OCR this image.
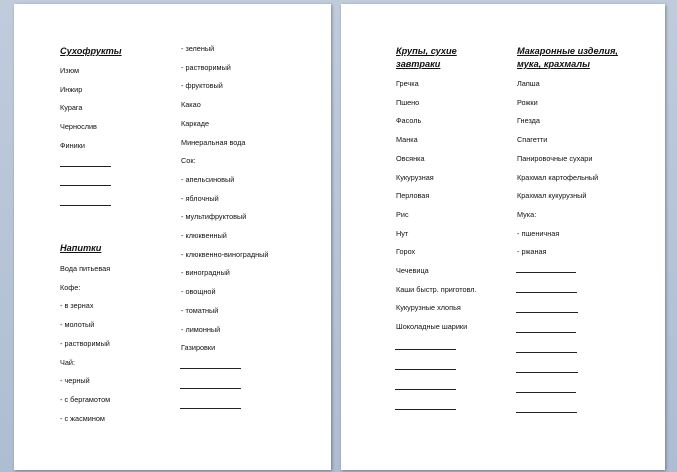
Сухофрукты
Изюм
Инжир
Курага
Чернослив
Финики
Напитки
Вода питьевая
Кофе:
- в зернах
- молотый
- растворимый
Чай:
- черный
- с бергамотом
- с жасмином
- зеленый
- растворимый
- фруктовый
Какао
Каркаде
Минеральная вода
Сок:
- апельсиновый
- яблочный
- мультифруктовый
- клюквенный
- клюквенно-виноградный
- виноградный
- овощной
- томатный
- лимонный
Газировки
Крупы, сухие
завтраки
Гречка
Пшено
Фасоль
Манка
Овсянка
Кукурузная
Перловая
Рис
Нут
Горох
Чечевица
Каши быстр. приготовл.
Кукурузные хлопья
Шоколадные шарики
Макаронные изделия,
мука, крахмалы
Лапша
Рожки
Гнезда
Спагетти
Панировочные сухари
Крахмал картофельный
Крахмал кукурузный
Мука:
- пшеничная
- ржаная
